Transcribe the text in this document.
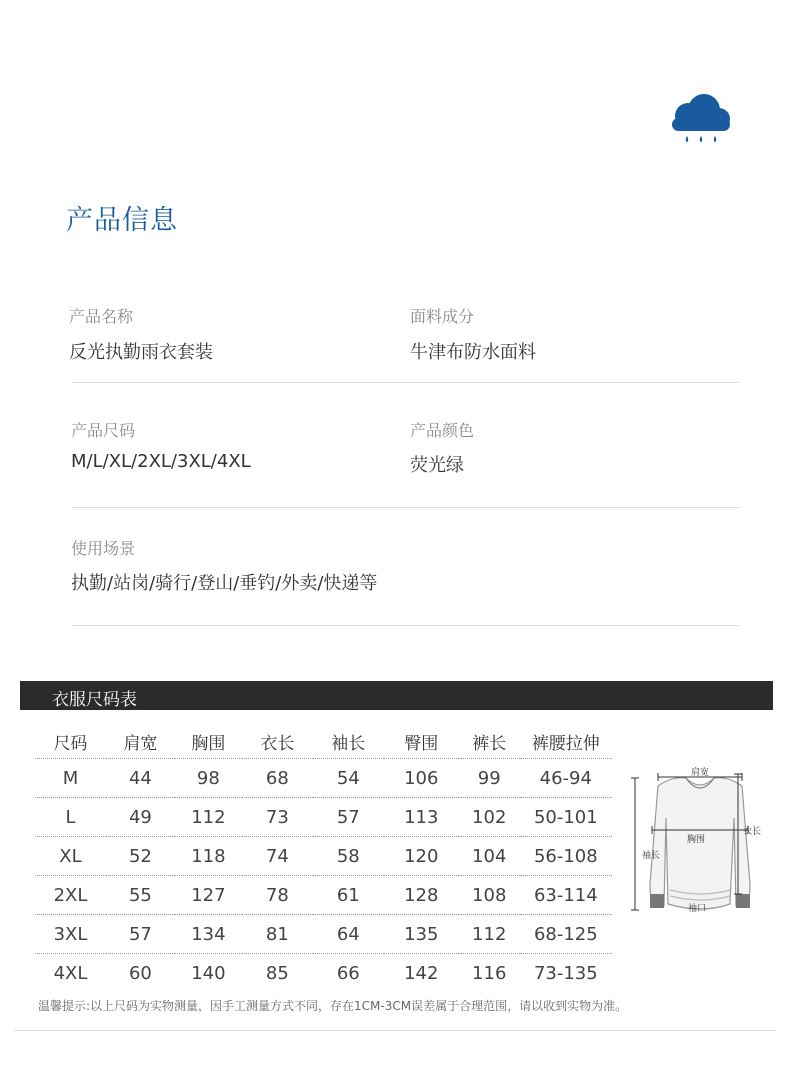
产品信息
产品名称
反光执勤雨衣套装
面料成分
牛津布防水面料
产品尺码
M/L/XL/2XL/3XL/4XL
产品颜色
荧光绿
使用场景
执勤/站岗/骑行/登山/垂钓/外卖/快递等
衣服尺码表
尺码	肩宽	胸围	衣长	袖长	臀围	裤长	裤腰拉伸
M	44	98	68	54	106	99	46-94
L	49	112	73	57	113	102	50-101
XL	52	118	74	58	120	104	56-108
2XL	55	127	78	61	128	108	63-114
3XL	57	134	81	64	135	112	68-125
4XL	60	140	85	66	142	116	73-135
肩宽
胸围
衣长
袖长
袖口
温馨提示:以上尺码为实物测量，因手工测量方式不同，存在1CM-3CM误差属于合理范围，请以收到实物为准。
